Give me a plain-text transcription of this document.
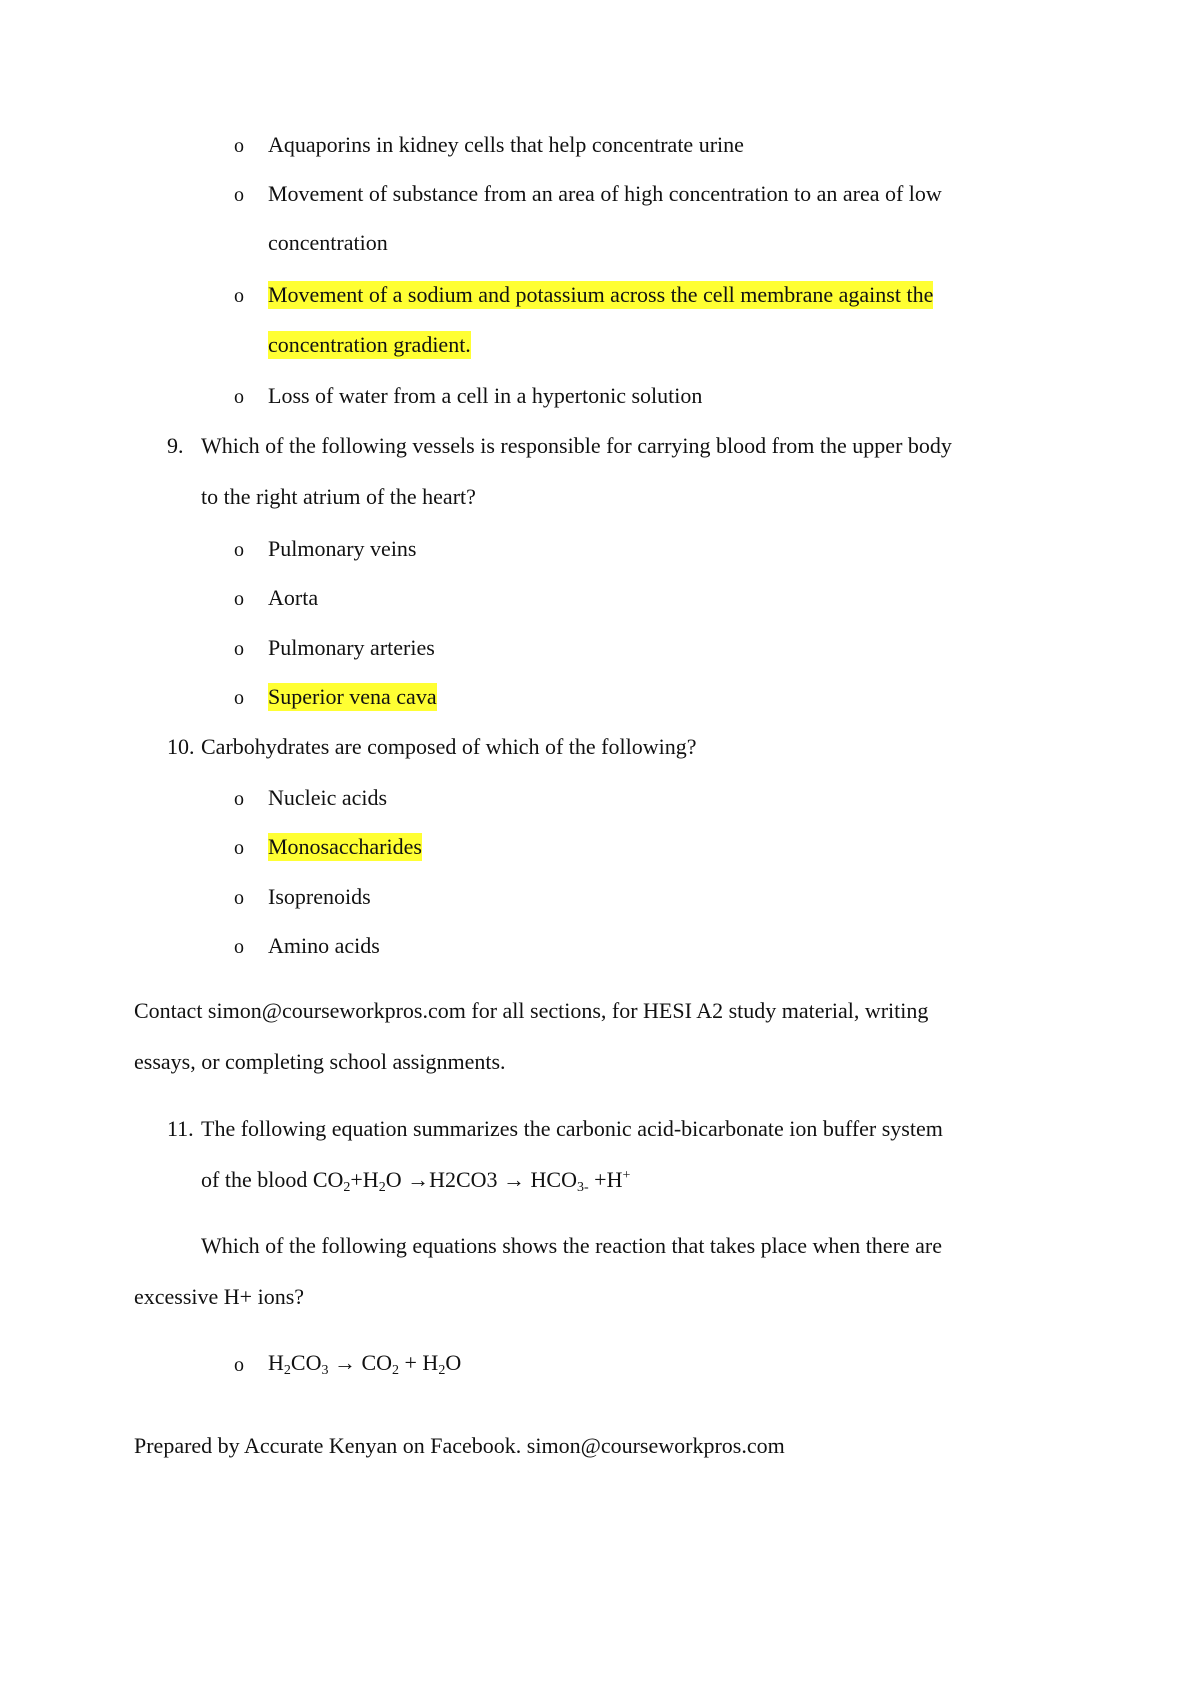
o Aquaporins in kidney cells that help concentrate urine
o Movement of substance from an area of high concentration to an area of low
concentration
o Movement of a sodium and potassium across the cell membrane against the
concentration gradient.
o Loss of water from a cell in a hypertonic solution
9. Which of the following vessels is responsible for carrying blood from the upper body
to the right atrium of the heart?
o Pulmonary veins
o Aorta
o Pulmonary arteries
o Superior vena cava
10. Carbohydrates are composed of which of the following?
o Nucleic acids
o Monosaccharides
o Isoprenoids
o Amino acids
Contact simon@courseworkpros.com for all sections, for HESI A2 study material, writing
essays, or completing school assignments.
11. The following equation summarizes the carbonic acid-bicarbonate ion buffer system
of the blood $CO_2+H_2O \to H2CO3 \to HCO_{3-} +H^+$
Which of the following equations shows the reaction that takes place when there are
excessive H+ ions?
o $H_2CO_3 \to CO_2 + H_2O$
Prepared by Accurate Kenyan on Facebook. simon@courseworkpros.com
